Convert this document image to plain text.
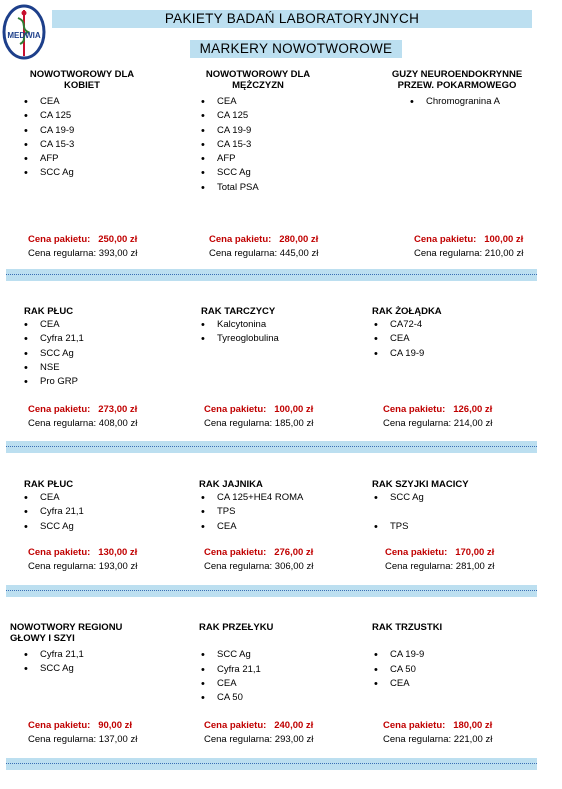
MEDWIA
PAKIETY BADAŃ LABORATORYJNYCH
MARKERY NOWOTWOROWE
NOWOTWOROWY DLA
KOBIET
• CEA
• CA 125
• CA 19-9
• CA 15-3
• AFP
• SCC Ag
Cena pakietu: 250,00 zł
Cena regularna: 393,00 zł
NOWOTWOROWY DLA
MĘŻCZYZN
• CEA
• CA 125
• CA 19-9
• CA 15-3
• AFP
• SCC Ag
• Total PSA
Cena pakietu: 280,00 zł
Cena regularna: 445,00 zł
GUZY NEUROENDOKRYNNE
PRZEW. POKARMOWEGO
• Chromogranina A
Cena pakietu: 100,00 zł
Cena regularna: 210,00 zł
RAK PŁUC
• CEA
• Cyfra 21,1
• SCC Ag
• NSE
• Pro GRP
Cena pakietu: 273,00 zł
Cena regularna: 408,00 zł
RAK TARCZYCY
• Kalcytonina
• Tyreoglobulina
Cena pakietu: 100,00 zł
Cena regularna: 185,00 zł
RAK ŻOŁĄDKA
• CA72-4
• CEA
• CA 19-9
Cena pakietu: 126,00 zł
Cena regularna: 214,00 zł
RAK PŁUC
• CEA
• Cyfra 21,1
• SCC Ag
Cena pakietu: 130,00 zł
Cena regularna: 193,00 zł
RAK JAJNIKA
• CA 125+HE4 ROMA
• TPS
• CEA
Cena pakietu: 276,00 zł
Cena regularna: 306,00 zł
RAK SZYJKI MACICY
• SCC Ag
• TPS
Cena pakietu: 170,00 zł
Cena regularna: 281,00 zł
NOWOTWORY REGIONU
GŁOWY I SZYI
• Cyfra 21,1
• SCC Ag
Cena pakietu: 90,00 zł
Cena regularna: 137,00 zł
RAK PRZEŁYKU
• SCC Ag
• Cyfra 21,1
• CEA
• CA 50
Cena pakietu: 240,00 zł
Cena regularna: 293,00 zł
RAK TRZUSTKI
• CA 19-9
• CA 50
• CEA
Cena pakietu: 180,00 zł
Cena regularna: 221,00 zł
